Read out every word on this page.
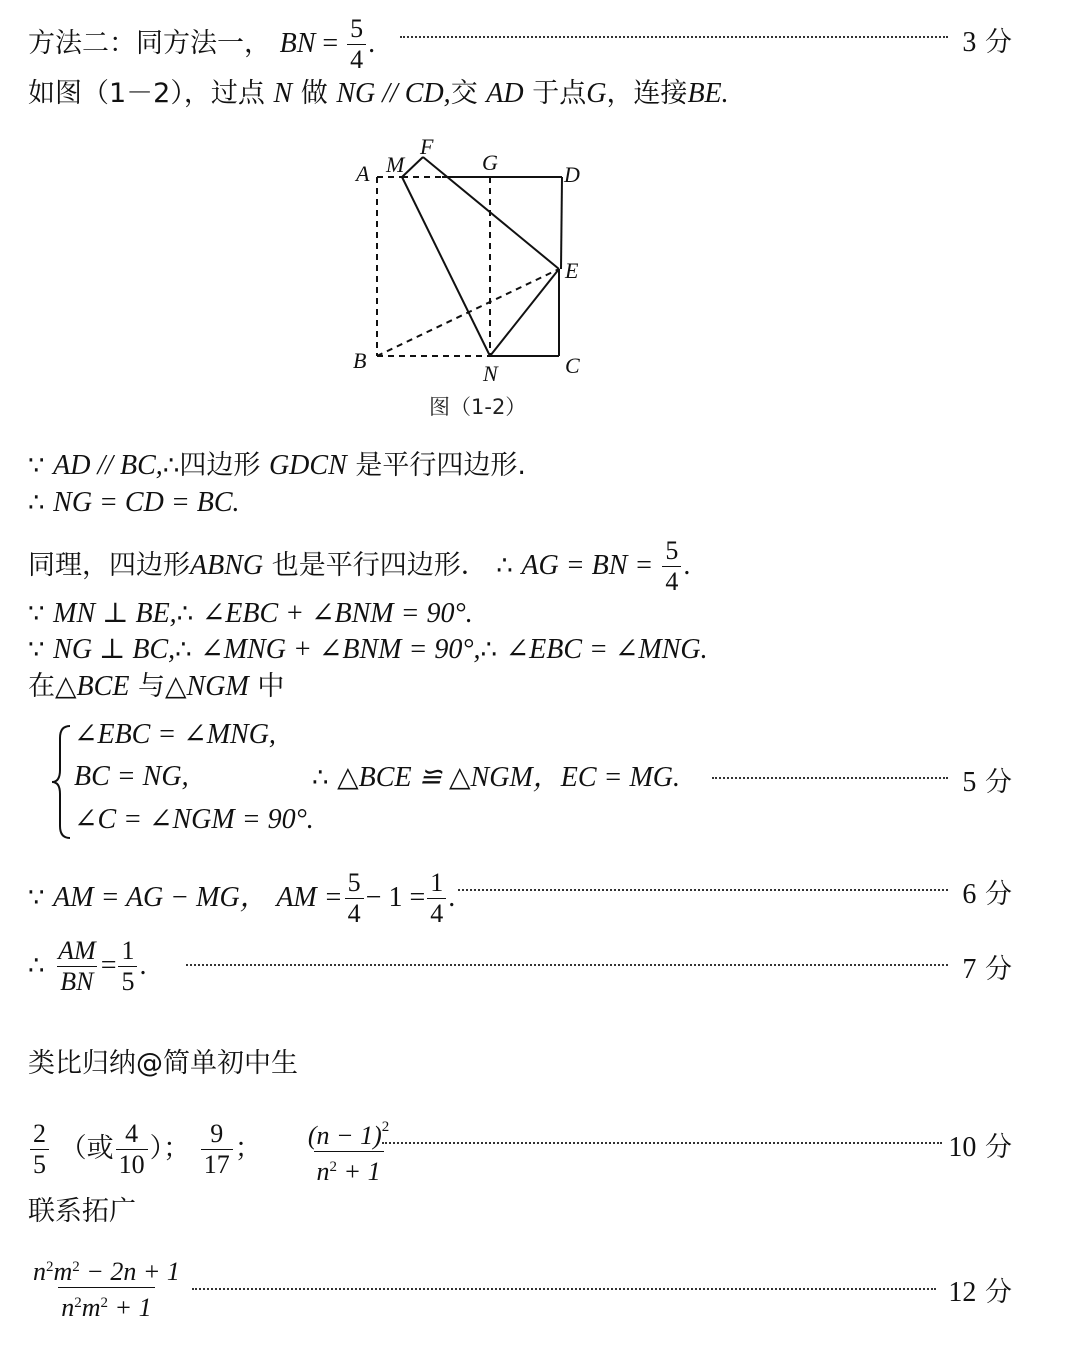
方法二：同方法一， BN = $\frac{5}{4}$ .	3 分
如图（1－2），过点 N 做 NG // CD,交 AD 于点G，连接BE.
A M
F
G	D
E
B
N	C
图（1-2）
∵ AD // BC,∴四边形 GDCN 是平行四边形.
∴ NG = CD = BC.
同理，四边形ABNG 也是平行四边形． ∴ AG = BN = $\frac{5}{4}$ .
∵ MN ⊥ BE,∴ ∠EBC + ∠BNM = 90°.
∵ NG ⊥ BC,∴ ∠MNG + ∠BNM = 90°,∴ ∠EBC = ∠MNG.
在△BCE 与△NGM 中
∠EBC = ∠MNG,
BC = NG,
∠C = ∠NGM = 90°.
∴ △BCE ≌ △NGM，EC = MG.	5 分
∵ AM = AG − MG， AM = $\frac{5}{4} - 1 = \frac{1}{4}$ .	6 分
∴ $\frac{AM}{BN} = \frac{1}{5}$ .	7 分
类比归纳@简单初中生
$\frac{2}{5}$ （或 $\frac{4}{10}$ ）； $\frac{9}{17}$ ； $\frac{(n - 1)^2}{n^2 + 1}$	10 分
联系拓广
$\frac{n^2m^2 - 2n + 1}{n^2m^2 + 1}$	12 分
